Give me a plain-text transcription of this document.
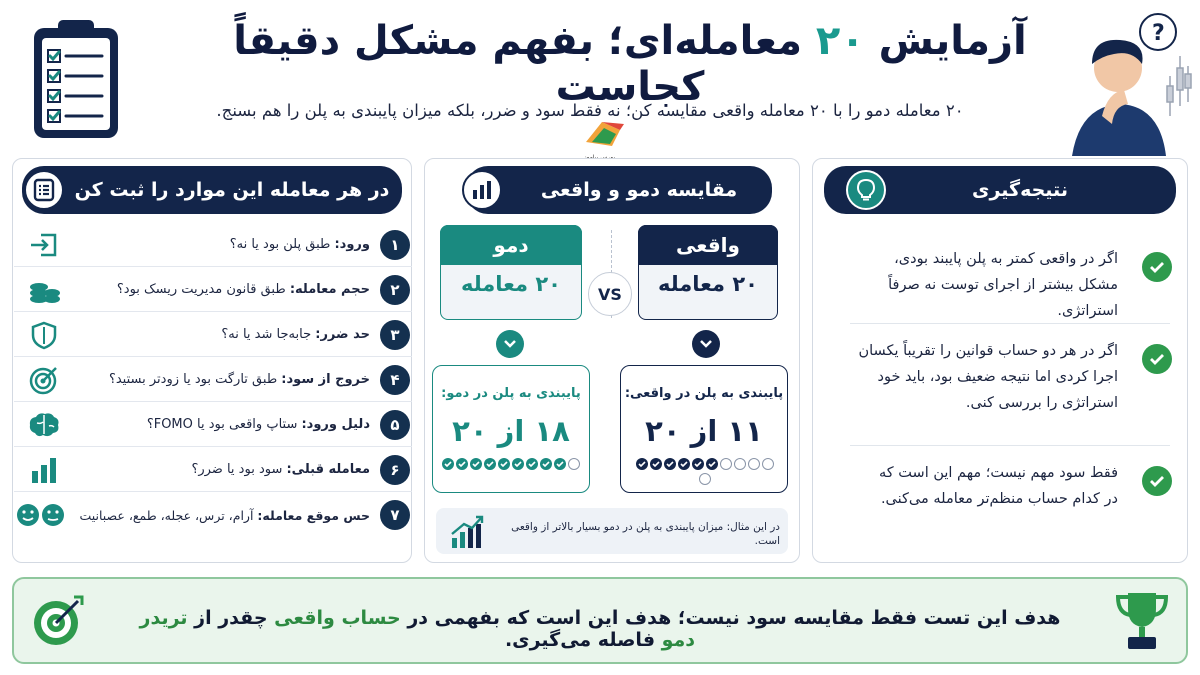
آزمایش ۲۰ معامله‌ای؛ بفهم مشکل دقیقاً کجاست
۲۰ معامله دمو را با ۲۰ معامله واقعی مقایسه کن؛ نه فقط سود و ضرر، بلکه میزان پایبندی به پلن را هم بسنج.
?
در هر معامله این موارد را ثبت کن
۱
ورود: طبق پلن بود یا نه؟
۲
حجم معامله: طبق قانون مدیریت ریسک بود؟
۳
حد ضرر: جابه‌جا شد یا نه؟
۴
خروج از سود: طبق تارگت بود یا زودتر بستید؟
۵
دلیل ورود: ستاپ واقعی بود یا FOMO؟
۶
معامله قبلی: سود بود یا ضرر؟
۷
حس موقع معامله: آرام، ترس، عجله، طمع، عصبانیت
مقایسه دمو و واقعی
دمو
۲۰ معامله
واقعی
۲۰ معامله
VS
پایبندی به پلن در دمو:
۱۸ از ۲۰
پایبندی به پلن در واقعی:
۱۱ از ۲۰
در این مثال: میزان پایبندی به پلن در دمو بسیار بالاتر از واقعی است.
نتیجه‌گیری
اگر در واقعی کمتر به پلن پایبند بودی،
مشکل بیشتر از اجرای توست نه صرفاً استراتژی.
اگر در هر دو حساب قوانین را تقریباً یکسان
اجرا کردی اما نتیجه ضعیف بود، باید خود
استراتژی را بررسی کنی.
فقط سود مهم نیست؛ مهم این است که
در کدام حساب منظم‌تر معامله می‌کنی.
هدف این تست فقط مقایسه سود نیست؛ هدف این است که بفهمی در حساب واقعی چقدر از تریدر دمو فاصله می‌گیری.
